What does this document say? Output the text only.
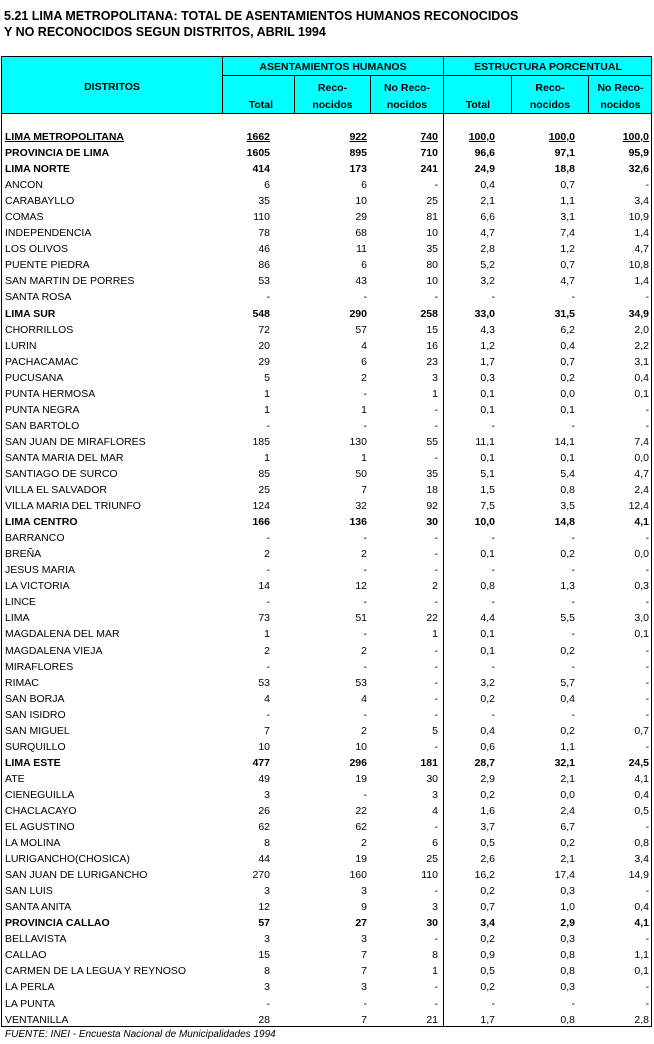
5.21 LIMA METROPOLITANA: TOTAL DE ASENTAMIENTOS HUMANOS RECONOCIDOS
Y NO RECONOCIDOS SEGUN DISTRITOS, ABRIL 1994
DISTRITOS
ASENTAMIENTOS HUMANOS	ESTRUCTURA PORCENTUAL
Total
Reco-
nocidos
No Reco-
nocidos	Total
Reco-
nocidos
No Reco-
nocidos
LIMA METROPOLITANA	1662	922	740	100,0	100,0	100,0
PROVINCIA DE LIMA	1605	895	710	96,6	97,1	95,9
LIMA NORTE	414	173	241	24,9	18,8	32,6
ANCON	6	6	-	0,4	0,7	-
CARABAYLLO	35	10	25	2,1	1,1	3,4
COMAS	110	29	81	6,6	3,1	10,9
INDEPENDENCIA	78	68	10	4,7	7,4	1,4
LOS OLIVOS	46	11	35	2,8	1,2	4,7
PUENTE PIEDRA	86	6	80	5,2	0,7	10,8
SAN MARTIN DE PORRES	53	43	10	3,2	4,7	1,4
SANTA ROSA	-	-	-	-	-	-
LIMA SUR	548	290	258	33,0	31,5	34,9
CHORRILLOS	72	57	15	4,3	6,2	2,0
LURIN	20	4	16	1,2	0,4	2,2
PACHACAMAC	29	6	23	1,7	0,7	3,1
PUCUSANA	5	2	3	0,3	0,2	0,4
PUNTA HERMOSA	1	-	1	0,1	0,0	0,1
PUNTA NEGRA	1	1	-	0,1	0,1	-
SAN BARTOLO	-	-	-	-	-	-
SAN JUAN DE MIRAFLORES	185	130	55	11,1	14,1	7,4
SANTA MARIA DEL MAR	1	1	-	0,1	0,1	0,0
SANTIAGO DE SURCO	85	50	35	5,1	5,4	4,7
VILLA EL SALVADOR	25	7	18	1,5	0,8	2,4
VILLA MARIA DEL TRIUNFO	124	32	92	7,5	3,5	12,4
LIMA CENTRO	166	136	30	10,0	14,8	4,1
BARRANCO	-	-	-	-	-	-
BREÑA	2	2	-	0,1	0,2	0,0
JESUS MARIA	-	-	-	-	-	-
LA VICTORIA	14	12	2	0,8	1,3	0,3
LINCE	-	-	-	-	-	-
LIMA	73	51	22	4,4	5,5	3,0
MAGDALENA DEL MAR	1	-	1	0,1	-	0,1
MAGDALENA VIEJA	2	2	-	0,1	0,2	-
MIRAFLORES	-	-	-	-	-	-
RIMAC	53	53	-	3,2	5,7	-
SAN BORJA	4	4	-	0,2	0,4	-
SAN ISIDRO	-	-	-	-	-	-
SAN MIGUEL	7	2	5	0,4	0,2	0,7
SURQUILLO	10	10	-	0,6	1,1	-
LIMA ESTE	477	296	181	28,7	32,1	24,5
ATE	49	19	30	2,9	2,1	4,1
CIENEGUILLA	3	-	3	0,2	0,0	0,4
CHACLACAYO	26	22	4	1,6	2,4	0,5
EL AGUSTINO	62	62	-	3,7	6,7	-
LA MOLINA	8	2	6	0,5	0,2	0,8
LURIGANCHO(CHOSICA)	44	19	25	2,6	2,1	3,4
SAN JUAN DE LURIGANCHO	270	160	110	16,2	17,4	14,9
SAN LUIS	3	3	-	0,2	0,3	-
SANTA ANITA	12	9	3	0,7	1,0	0,4
PROVINCIA CALLAO	57	27	30	3,4	2,9	4,1
BELLAVISTA	3	3	-	0,2	0,3	-
CALLAO	15	7	8	0,9	0,8	1,1
CARMEN DE LA LEGUA Y REYNOSO	8	7	1	0,5	0,8	0,1
LA PERLA	3	3	-	0,2	0,3	-
LA PUNTA	-	-	-	-	-	-
VENTANILLA	28	7	21	1,7	0,8	2,8
FUENTE: INEI - Encuesta Nacional de Municipalidades 1994
